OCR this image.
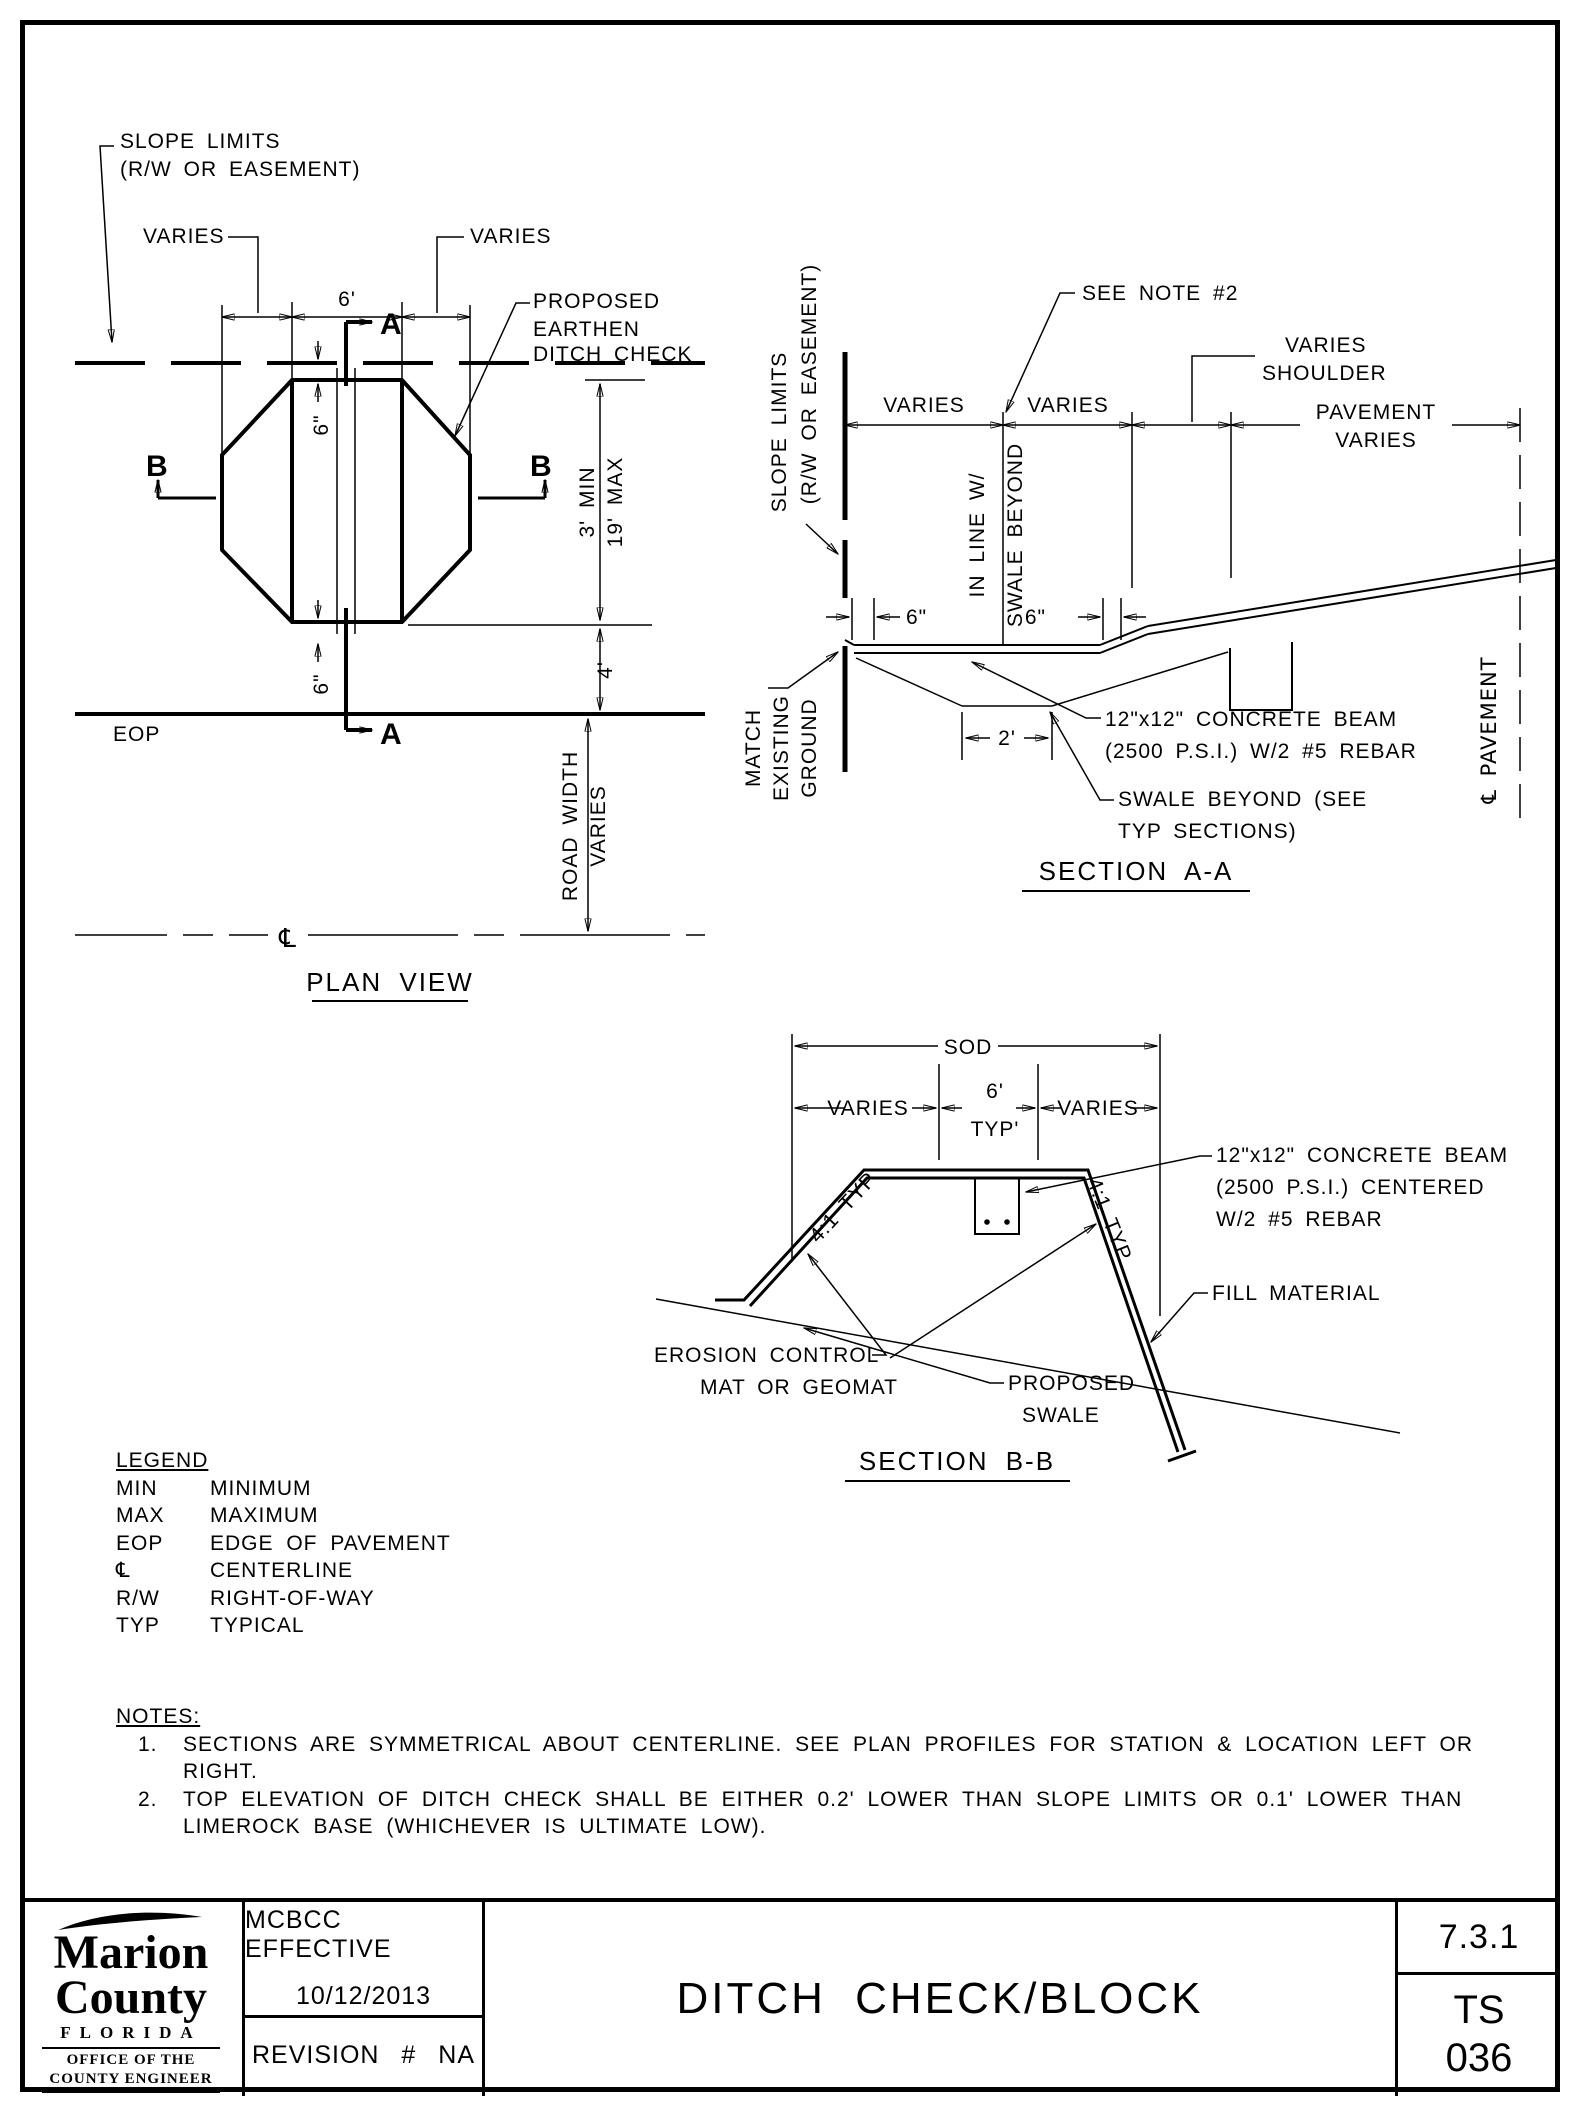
SLOPE LIMITS
(R/W OR EASEMENT)
VARIES	VARIES
6'	PROPOSED
EARTHEN
DITCH CHECK
A
A
6"
6"
B	B 3' MIN 19' MAX
4'
EOP
ROAD WIDTH VARIES
℄
PLAN VIEW
SLOPE LIMITS (R/W OR EASEMENT)	SEE NOTE #2
VARIES	VARIES
VARIES
SHOULDER
PAVEMENT
VARIES
IN LINE W/ SWALE BEYOND
6"	6"
MATCH EXISTING GROUND	2'
12"x12" CONCRETE BEAM
(2500 P.S.I.) W/2 #5 REBAR
SWALE BEYOND (SEE
TYP SECTIONS)
℄ PAVEMENT
SECTION A-A
SOD
VARIES
6'
TYP'
VARIES
4:1 TYP	4:1 TYP
12"x12" CONCRETE BEAM
(2500 P.S.I.) CENTERED
W/2 #5 REBAR
FILL MATERIAL
EROSION CONTROL
MAT OR GEOMAT	PROPOSED
SWALE
SECTION B-B
LEGEND
MIN	MINIMUM
MAX	MAXIMUM
EOP	EDGE OF PAVEMENT
℄	CENTERLINE
R/W	RIGHT-OF-WAY
TYP	TYPICAL
NOTES:
1.	SECTIONS ARE SYMMETRICAL ABOUT CENTERLINE. SEE PLAN PROFILES FOR STATION & LOCATION LEFT OR
RIGHT.
2.	TOP ELEVATION OF DITCH CHECK SHALL BE EITHER 0.2' LOWER THAN SLOPE LIMITS OR 0.1' LOWER THAN
LIMEROCK BASE (WHICHEVER IS ULTIMATE LOW).
Marion
County
FLORIDA
OFFICE OF THE
COUNTY ENGINEER
MCBCC EFFECTIVE
10/12/2013
REVISION # NA
DITCH CHECK/BLOCK
7.3.1
TS
036
